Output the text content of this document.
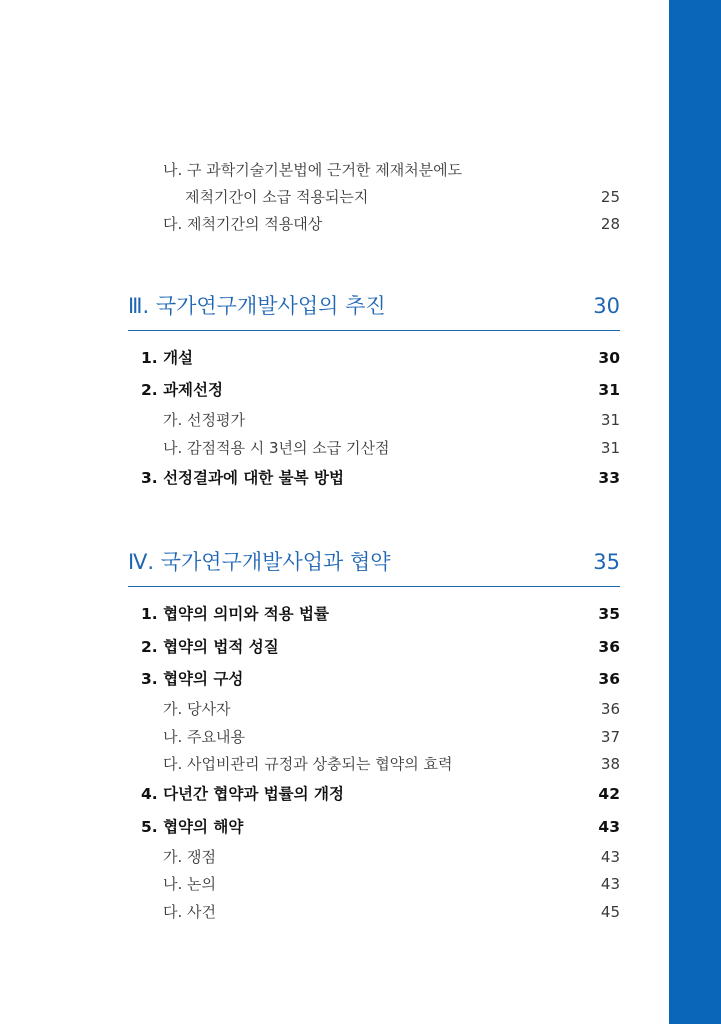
나. 구 과학기술기본법에 근거한 제재처분에도
제척기간이 소급 적용되는지	25
다. 제척기간의 적용대상	28
Ⅲ. 국가연구개발사업의 추진	30
1. 개설	30
2. 과제선정	31
가. 선정평가	31
나. 감점적용 시 3년의 소급 기산점	31
3. 선정결과에 대한 불복 방법	33
Ⅳ. 국가연구개발사업과 협약	35
1. 협약의 의미와 적용 법률	35
2. 협약의 법적 성질	36
3. 협약의 구성	36
가. 당사자	36
나. 주요내용	37
다. 사업비관리 규정과 상충되는 협약의 효력	38
4. 다년간 협약과 법률의 개정	42
5. 협약의 해약	43
가. 쟁점	43
나. 논의	43
다. 사건	45
